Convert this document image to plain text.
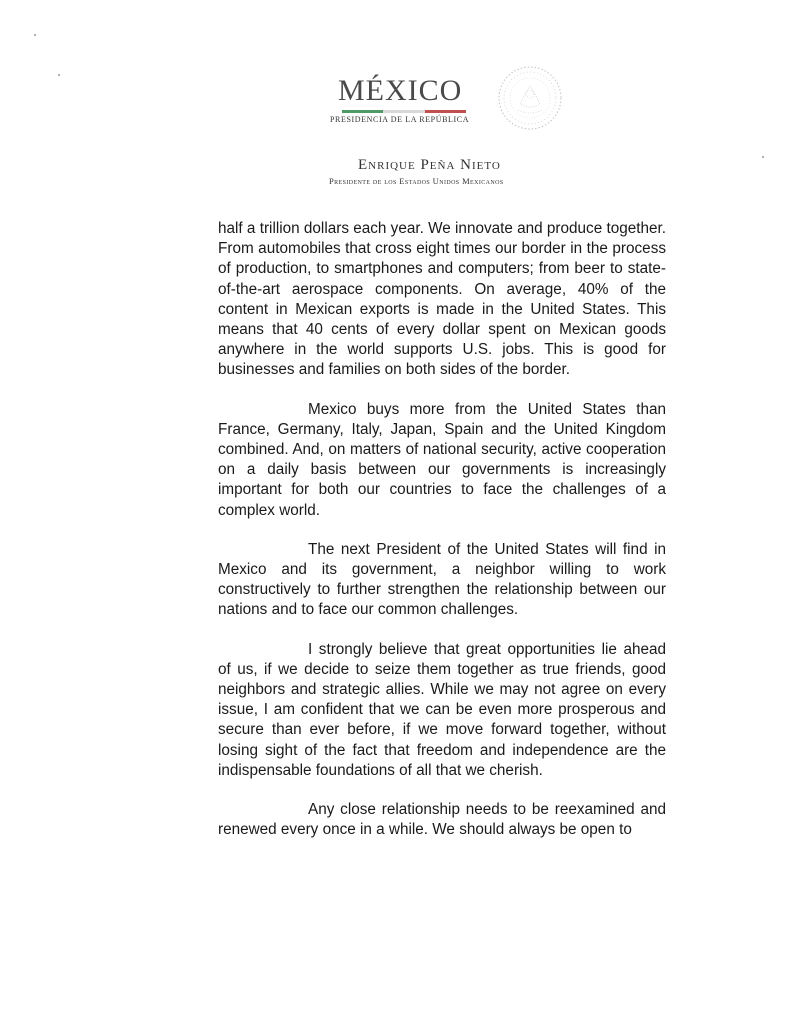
MÉXICO
PRESIDENCIA DE LA REPÚBLICA
Enrique Peña Nieto
Presidente de los Estados Unidos Mexicanos

half a trillion dollars each year. We innovate and produce together. From automobiles that cross eight times our border in the process of production, to smartphones and computers; from beer to state-of-the-art aerospace components. On average, 40% of the content in Mexican exports is made in the United States. This means that 40 cents of every dollar spent on Mexican goods anywhere in the world supports U.S. jobs. This is good for businesses and families on both sides of the border.

Mexico buys more from the United States than France, Germany, Italy, Japan, Spain and the United Kingdom combined. And, on matters of national security, active cooperation on a daily basis between our governments is increasingly important for both our countries to face the challenges of a complex world.

The next President of the United States will find in Mexico and its government, a neighbor willing to work constructively to further strengthen the relationship between our nations and to face our common challenges.

I strongly believe that great opportunities lie ahead of us, if we decide to seize them together as true friends, good neighbors and strategic allies. While we may not agree on every issue, I am confident that we can be even more prosperous and secure than ever before, if we move forward together, without losing sight of the fact that freedom and independence are the indispensable foundations of all that we cherish.

Any close relationship needs to be reexamined and renewed every once in a while. We should always be open to
